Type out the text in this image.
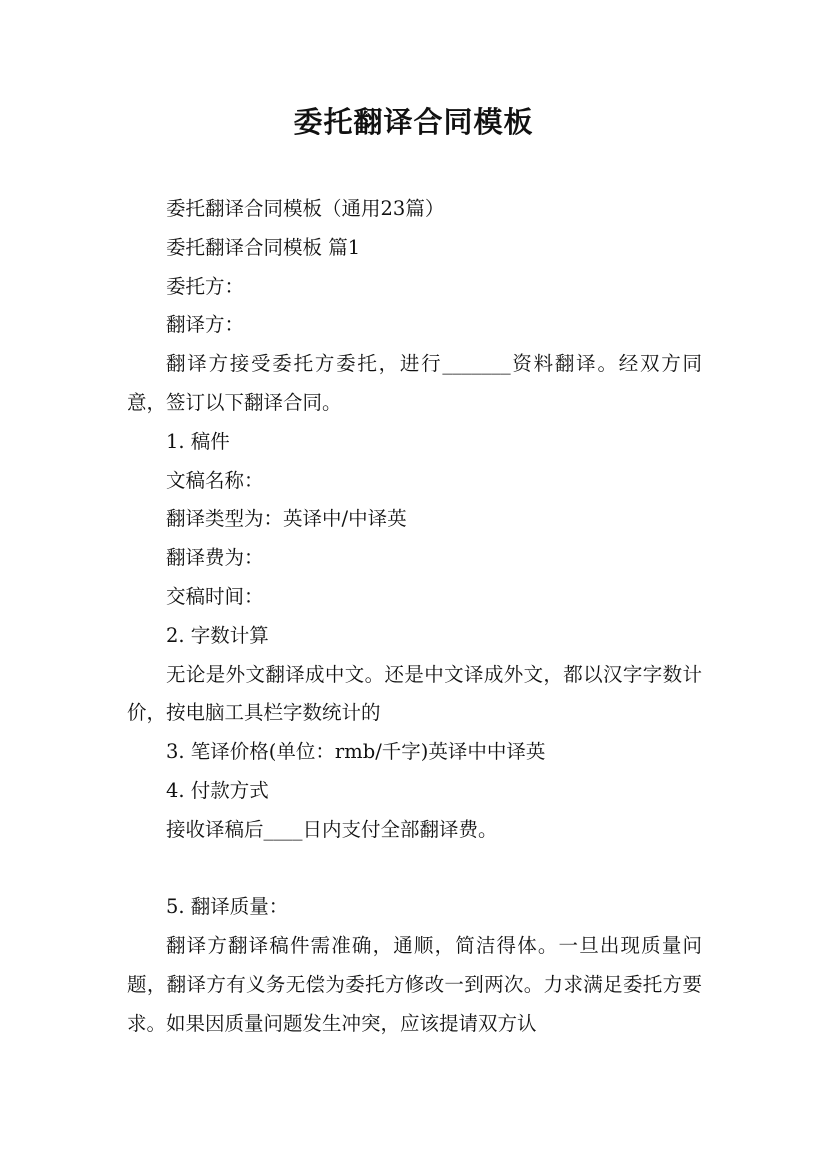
委托翻译合同模板

委托翻译合同模板（通用23篇）

委托翻译合同模板 篇1

委托方：

翻译方：

翻译方接受委托方委托，进行_______资料翻译。经双方同意，签订以下翻译合同。

1. 稿件

文稿名称：

翻译类型为：英译中/中译英

翻译费为：

交稿时间：

2. 字数计算

无论是外文翻译成中文。还是中文译成外文，都以汉字字数计价，按电脑工具栏字数统计的

3. 笔译价格(单位：rmb/千字)英译中中译英

4. 付款方式

接收译稿后____日内支付全部翻译费。

5. 翻译质量：

翻译方翻译稿件需准确，通顺，简洁得体。一旦出现质量问题，翻译方有义务无偿为委托方修改一到两次。力求满足委托方要求。如果因质量问题发生冲突，应该提请双方认
